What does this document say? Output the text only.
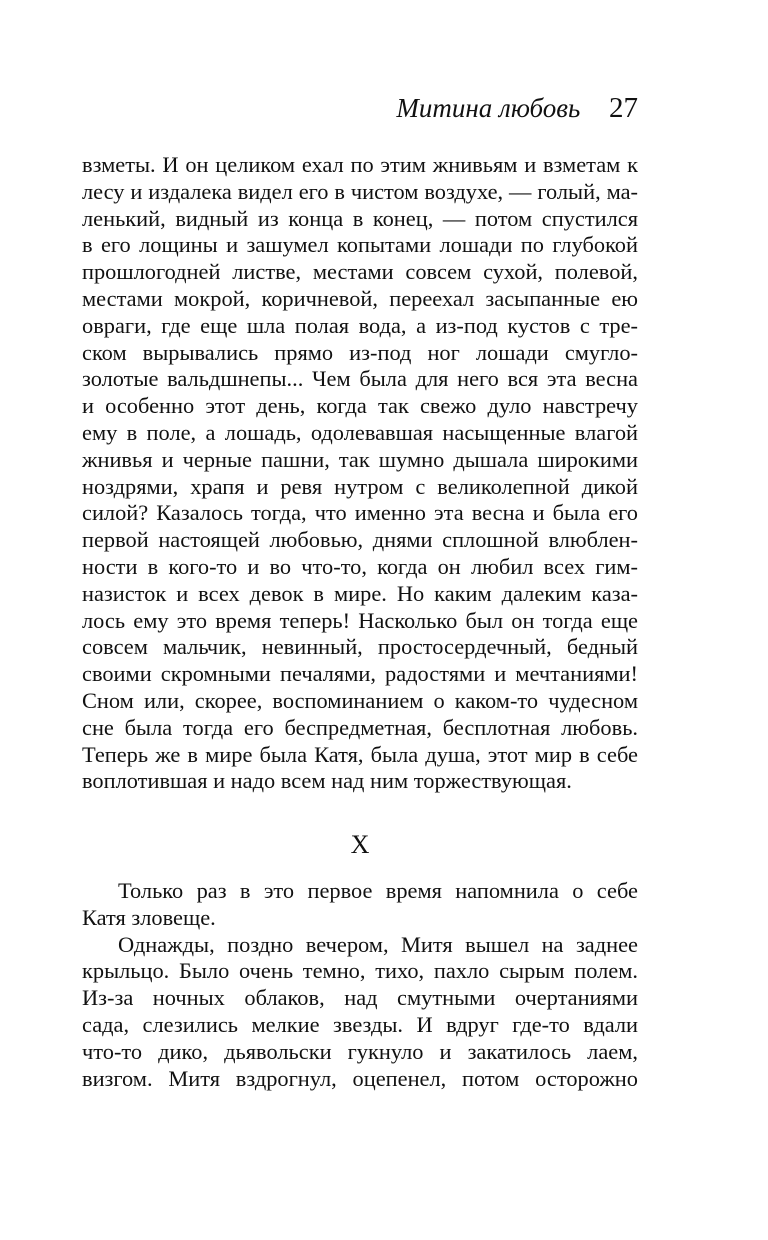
Митина любовь 27
взметы. И он целиком ехал по этим жнивьям и взметам к
лесу и издалека видел его в чистом воздухе, — голый, ма-
ленький, видный из конца в конец, — потом спустился
в его лощины и зашумел копытами лошади по глубокой
прошлогодней листве, местами совсем сухой, полевой,
местами мокрой, коричневой, переехал засыпанные ею
овраги, где еще шла полая вода, а из-под кустов с тре-
ском вырывались прямо из-под ног лошади смугло-
золотые вальдшнепы... Чем была для него вся эта весна
и особенно этот день, когда так свежо дуло навстречу
ему в поле, а лошадь, одолевавшая насыщенные влагой
жнивья и черные пашни, так шумно дышала широкими
ноздрями, храпя и ревя нутром с великолепной дикой
силой? Казалось тогда, что именно эта весна и была его
первой настоящей любовью, днями сплошной влюблен-
ности в кого-то и во что-то, когда он любил всех гим-
назисток и всех девок в мире. Но каким далеким каза-
лось ему это время теперь! Насколько был он тогда еще
совсем мальчик, невинный, простосердечный, бедный
своими скромными печалями, радостями и мечтаниями!
Сном или, скорее, воспоминанием о каком-то чудесном
сне была тогда его беспредметная, бесплотная любовь.
Теперь же в мире была Катя, была душа, этот мир в себе
воплотившая и надо всем над ним торжествующая.
X
Только раз в это первое время напомнила о себе
Катя зловеще.
Однажды, поздно вечером, Митя вышел на заднее
крыльцо. Было очень темно, тихо, пахло сырым полем.
Из-за ночных облаков, над смутными очертаниями
сада, слезились мелкие звезды. И вдруг где-то вдали
что-то дико, дьявольски гукнуло и закатилось лаем,
визгом. Митя вздрогнул, оцепенел, потом осторожно
